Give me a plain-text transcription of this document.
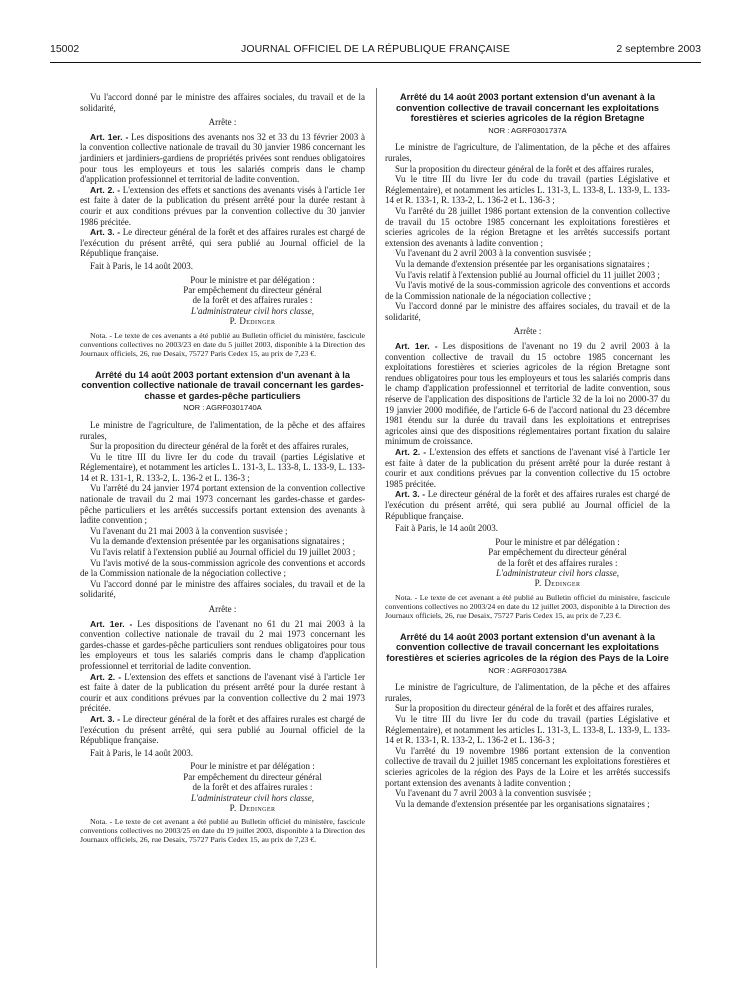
15002	JOURNAL OFFICIEL DE LA RÉPUBLIQUE FRANÇAISE	2 septembre 2003

Vu l'accord donné par le ministre des affaires sociales, du travail et de la solidarité,

Arrête :

Art. 1er. - Les dispositions des avenants nos 32 et 33 du 13 février 2003 à la convention collective nationale de travail du 30 janvier 1986 concernant les jardiniers et jardiniers-gardiens de propriétés privées sont rendues obligatoires pour tous les employeurs et tous les salariés compris dans le champ d'application professionnel et territorial de ladite convention.

Art. 2. - L'extension des effets et sanctions des avenants visés à l'article 1er est faite à dater de la publication du présent arrêté pour la durée restant à courir et aux conditions prévues par la convention collective du 30 janvier 1986 précitée.

Art. 3. - Le directeur général de la forêt et des affaires rurales est chargé de l'exécution du présent arrêté, qui sera publié au Journal officiel de la République française.

Fait à Paris, le 14 août 2003.

Pour le ministre et par délégation :
Par empêchement du directeur général
de la forêt et des affaires rurales :
L'administrateur civil hors classe,
P. Dedinger

Nota. - Le texte de ces avenants a été publié au Bulletin officiel du ministère, fascicule conventions collectives no 2003/23 en date du 5 juillet 2003, disponible à la Direction des Journaux officiels, 26, rue Desaix, 75727 Paris Cedex 15, au prix de 7,23 €.

Arrêté du 14 août 2003 portant extension d'un avenant à la convention collective nationale de travail concernant les gardes-chasse et gardes-pêche particuliers
NOR : AGRF0301740A

Le ministre de l'agriculture, de l'alimentation, de la pêche et des affaires rurales,

Sur la proposition du directeur général de la forêt et des affaires rurales,

Vu le titre III du livre Ier du code du travail (parties Législative et Réglementaire), et notamment les articles L. 131-3, L. 133-8, L. 133-9, L. 133-14 et R. 131-1, R. 133-2, L. 136-2 et L. 136-3 ;

Vu l'arrêté du 24 janvier 1974 portant extension de la convention collective nationale de travail du 2 mai 1973 concernant les gardes-chasse et gardes-pêche particuliers et les arrêtés successifs portant extension des avenants à ladite convention ;

Vu l'avenant du 21 mai 2003 à la convention susvisée ;

Vu la demande d'extension présentée par les organisations signataires ;

Vu l'avis relatif à l'extension publié au Journal officiel du 19 juillet 2003 ;

Vu l'avis motivé de la sous-commission agricole des conventions et accords de la Commission nationale de la négociation collective ;

Vu l'accord donné par le ministre des affaires sociales, du travail et de la solidarité,

Arrête :

Art. 1er. - Les dispositions de l'avenant no 61 du 21 mai 2003 à la convention collective nationale de travail du 2 mai 1973 concernant les gardes-chasse et gardes-pêche particuliers sont rendues obligatoires pour tous les employeurs et tous les salariés compris dans le champ d'application professionnel et territorial de ladite convention.

Art. 2. - L'extension des effets et sanctions de l'avenant visé à l'article 1er est faite à dater de la publication du présent arrêté pour la durée restant à courir et aux conditions prévues par la convention collective du 2 mai 1973 précitée.

Art. 3. - Le directeur général de la forêt et des affaires rurales est chargé de l'exécution du présent arrêté, qui sera publié au Journal officiel de la République française.

Fait à Paris, le 14 août 2003.

Pour le ministre et par délégation :
Par empêchement du directeur général
de la forêt et des affaires rurales :
L'administrateur civil hors classe,
P. Dedinger

Nota. - Le texte de cet avenant a été publié au Bulletin officiel du ministère, fascicule conventions collectives no 2003/25 en date du 19 juillet 2003, disponible à la Direction des Journaux officiels, 26, rue Desaix, 75727 Paris Cedex 15, au prix de 7,23 €.

Arrêté du 14 août 2003 portant extension d'un avenant à la convention collective de travail concernant les exploitations forestières et scieries agricoles de la région Bretagne
NOR : AGRF0301737A

Le ministre de l'agriculture, de l'alimentation, de la pêche et des affaires rurales,

Sur la proposition du directeur général de la forêt et des affaires rurales,

Vu le titre III du livre Ier du code du travail (parties Législative et Réglementaire), et notamment les articles L. 131-3, L. 133-8, L. 133-9, L. 133-14 et R. 133-1, R. 133-2, L. 136-2 et L. 136-3 ;

Vu l'arrêté du 28 juillet 1986 portant extension de la convention collective de travail du 15 octobre 1985 concernant les exploitations forestières et scieries agricoles de la région Bretagne et les arrêtés successifs portant extension des avenants à ladite convention ;

Vu l'avenant du 2 avril 2003 à la convention susvisée ;

Vu la demande d'extension présentée par les organisations signataires ;

Vu l'avis relatif à l'extension publié au Journal officiel du 11 juillet 2003 ;

Vu l'avis motivé de la sous-commission agricole des conventions et accords de la Commission nationale de la négociation collective ;

Vu l'accord donné par le ministre des affaires sociales, du travail et de la solidarité,

Arrête :

Art. 1er. - Les dispositions de l'avenant no 19 du 2 avril 2003 à la convention collective de travail du 15 octobre 1985 concernant les exploitations forestières et scieries agricoles de la région Bretagne sont rendues obligatoires pour tous les employeurs et tous les salariés compris dans le champ d'application professionnel et territorial de ladite convention, sous réserve de l'application des dispositions de l'article 32 de la loi no 2000-37 du 19 janvier 2000 modifiée, de l'article 6-6 de l'accord national du 23 décembre 1981 étendu sur la durée du travail dans les exploitations et entreprises agricoles ainsi que des dispositions réglementaires portant fixation du salaire minimum de croissance.

Art. 2. - L'extension des effets et sanctions de l'avenant visé à l'article 1er est faite à dater de la publication du présent arrêté pour la durée restant à courir et aux conditions prévues par la convention collective du 15 octobre 1985 précitée.

Art. 3. - Le directeur général de la forêt et des affaires rurales est chargé de l'exécution du présent arrêté, qui sera publié au Journal officiel de la République française.

Fait à Paris, le 14 août 2003.

Pour le ministre et par délégation :
Par empêchement du directeur général
de la forêt et des affaires rurales :
L'administrateur civil hors classe,
P. Dedinger

Nota. - Le texte de cet avenant a été publié au Bulletin officiel du ministère, fascicule conventions collectives no 2003/24 en date du 12 juillet 2003, disponible à la Direction des Journaux officiels, 26, rue Desaix, 75727 Paris Cedex 15, au prix de 7,23 €.

Arrêté du 14 août 2003 portant extension d'un avenant à la convention collective de travail concernant les exploitations forestières et scieries agricoles de la région des Pays de la Loire
NOR : AGRF0301738A

Le ministre de l'agriculture, de l'alimentation, de la pêche et des affaires rurales,

Sur la proposition du directeur général de la forêt et des affaires rurales,

Vu le titre III du livre Ier du code du travail (parties Législative et Réglementaire), et notamment les articles L. 131-3, L. 133-8, L. 133-9, L. 133-14 et R. 133-1, R. 133-2, L. 136-2 et L. 136-3 ;

Vu l'arrêté du 19 novembre 1986 portant extension de la convention collective de travail du 2 juillet 1985 concernant les exploitations forestières et scieries agricoles de la région des Pays de la Loire et les arrêtés successifs portant extension des avenants à ladite convention ;

Vu l'avenant du 7 avril 2003 à la convention susvisée ;

Vu la demande d'extension présentée par les organisations signataires ;
